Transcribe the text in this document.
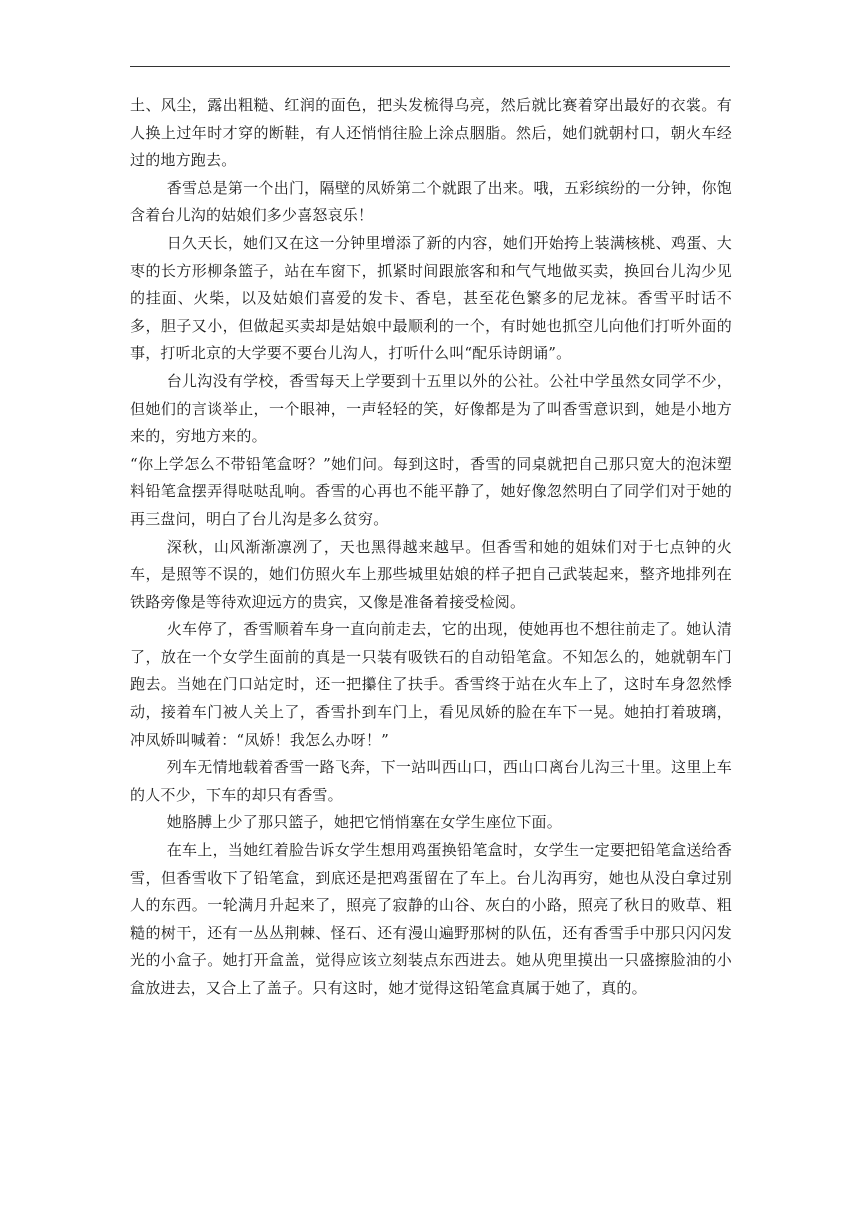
土、风尘，露出粗糙、红润的面色，把头发梳得乌亮，然后就比赛着穿出最好的衣裳。有人换上过年时才穿的断鞋，有人还悄悄往脸上涂点胭脂。然后，她们就朝村口，朝火车经过的地方跑去。

香雪总是第一个出门，隔壁的凤娇第二个就跟了出来。哦，五彩缤纷的一分钟，你饱含着台儿沟的姑娘们多少喜怒哀乐！

日久天长，她们又在这一分钟里增添了新的内容，她们开始挎上装满核桃、鸡蛋、大枣的长方形柳条篮子，站在车窗下，抓紧时间跟旅客和和气气地做买卖，换回台儿沟少见的挂面、火柴，以及姑娘们喜爱的发卡、香皂，甚至花色繁多的尼龙袜。香雪平时话不多，胆子又小，但做起买卖却是姑娘中最顺利的一个，有时她也抓空儿向他们打听外面的事，打听北京的大学要不要台儿沟人，打听什么叫“配乐诗朗诵”。

台儿沟没有学校，香雪每天上学要到十五里以外的公社。公社中学虽然女同学不少，但她们的言谈举止，一个眼神，一声轻轻的笑，好像都是为了叫香雪意识到，她是小地方来的，穷地方来的。

“你上学怎么不带铅笔盒呀？”她们问。每到这时，香雪的同桌就把自己那只宽大的泡沫塑料铅笔盒摆弄得哒哒乱响。香雪的心再也不能平静了，她好像忽然明白了同学们对于她的再三盘问，明白了台儿沟是多么贫穷。

深秋，山风渐渐凛冽了，天也黑得越来越早。但香雪和她的姐妹们对于七点钟的火车，是照等不误的，她们仿照火车上那些城里姑娘的样子把自己武装起来，整齐地排列在铁路旁像是等待欢迎远方的贵宾，又像是准备着接受检阅。

火车停了，香雪顺着车身一直向前走去，它的出现，使她再也不想往前走了。她认清了，放在一个女学生面前的真是一只装有吸铁石的自动铅笔盒。不知怎么的，她就朝车门跑去。当她在门口站定时，还一把攥住了扶手。香雪终于站在火车上了，这时车身忽然悸动，接着车门被人关上了，香雪扑到车门上，看见凤娇的脸在车下一晃。她拍打着玻璃，冲凤娇叫喊着：“凤娇！我怎么办呀！”

列车无情地载着香雪一路飞奔，下一站叫西山口，西山口离台儿沟三十里。这里上车的人不少，下车的却只有香雪。

她胳膊上少了那只篮子，她把它悄悄塞在女学生座位下面。

在车上，当她红着脸告诉女学生想用鸡蛋换铅笔盒时，女学生一定要把铅笔盒送给香雪，但香雪收下了铅笔盒，到底还是把鸡蛋留在了车上。台儿沟再穷，她也从没白拿过别人的东西。一轮满月升起来了，照亮了寂静的山谷、灰白的小路，照亮了秋日的败草、粗糙的树干，还有一丛丛荆棘、怪石、还有漫山遍野那树的队伍，还有香雪手中那只闪闪发光的小盒子。她打开盒盖，觉得应该立刻装点东西进去。她从兜里摸出一只盛擦脸油的小盒放进去，又合上了盖子。只有这时，她才觉得这铅笔盒真属于她了，真的。
